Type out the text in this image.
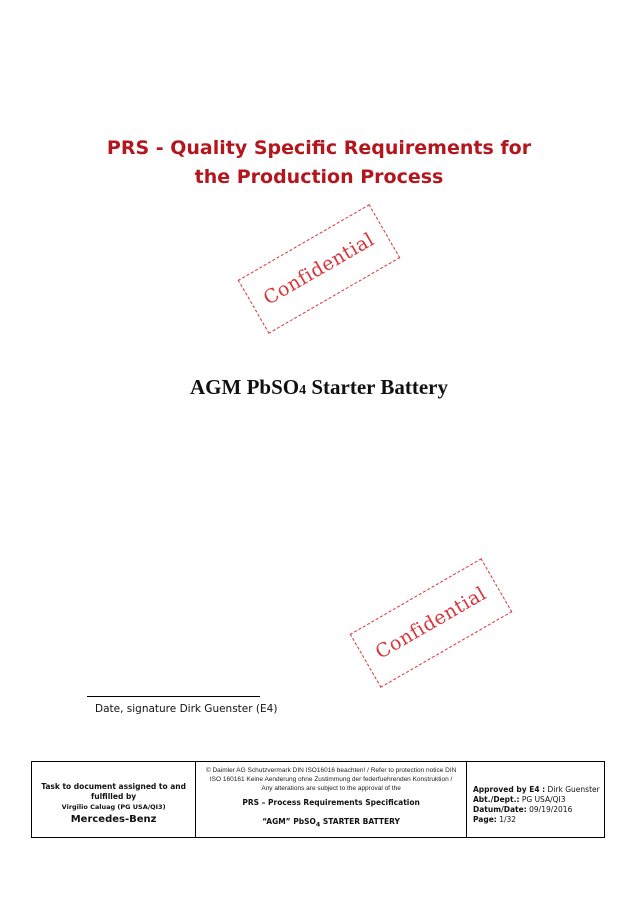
PRS - Quality Specific Requirements for
the Production Process
Confidential
AGM PbSO4 Starter Battery
Confidential
Date, signature Dirk Guenster (E4)
Task to document assigned to and fulfilled by
Virgilio Caluag (PG USA/QI3)
Mercedes-Benz
© Daimler AG Schutzvermark DIN ISO16016 beachten! / Refer to protection notice DIN ISO 160161 Keine Aenderung ohne Zustimmung der federfuehrenden Konstruktion / Any alterations are subject to the approval of the
PRS – Process Requirements Specification
“AGM” PbSO$_4$ STARTER BATTERY
Approved by E4 : Dirk Guenster
Abt./Dept.: PG USA/QI3
Datum/Date: 09/19/2016
Page: 1/32
